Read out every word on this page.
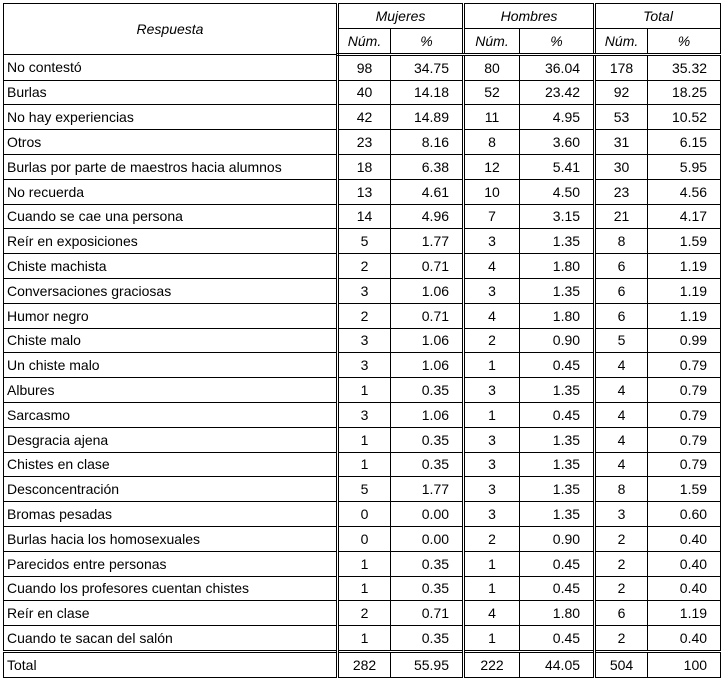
Respuesta	Mujeres		Hombres		Total	
	Núm.	%	Núm.	%	Núm.	%
No contestó	98	34.75	80	36.04	178	35.32
Burlas	40	14.18	52	23.42	92	18.25
No hay experiencias	42	14.89	11	4.95	53	10.52
Otros	23	8.16	8	3.60	31	6.15
Burlas por parte de maestros hacia alumnos	18	6.38	12	5.41	30	5.95
No recuerda	13	4.61	10	4.50	23	4.56
Cuando se cae una persona	14	4.96	7	3.15	21	4.17
Reír en exposiciones	5	1.77	3	1.35	8	1.59
Chiste machista	2	0.71	4	1.80	6	1.19
Conversaciones graciosas	3	1.06	3	1.35	6	1.19
Humor negro	2	0.71	4	1.80	6	1.19
Chiste malo	3	1.06	2	0.90	5	0.99
Un chiste malo	3	1.06	1	0.45	4	0.79
Albures	1	0.35	3	1.35	4	0.79
Sarcasmo	3	1.06	1	0.45	4	0.79
Desgracia ajena	1	0.35	3	1.35	4	0.79
Chistes en clase	1	0.35	3	1.35	4	0.79
Desconcentración	5	1.77	3	1.35	8	1.59
Bromas pesadas	0	0.00	3	1.35	3	0.60
Burlas hacia los homosexuales	0	0.00	2	0.90	2	0.40
Parecidos entre personas	1	0.35	1	0.45	2	0.40
Cuando los profesores cuentan chistes	1	0.35	1	0.45	2	0.40
Reír en clase	2	0.71	4	1.80	6	1.19
Cuando te sacan del salón	1	0.35	1	0.45	2	0.40
Total	282	55.95	222	44.05	504	100
